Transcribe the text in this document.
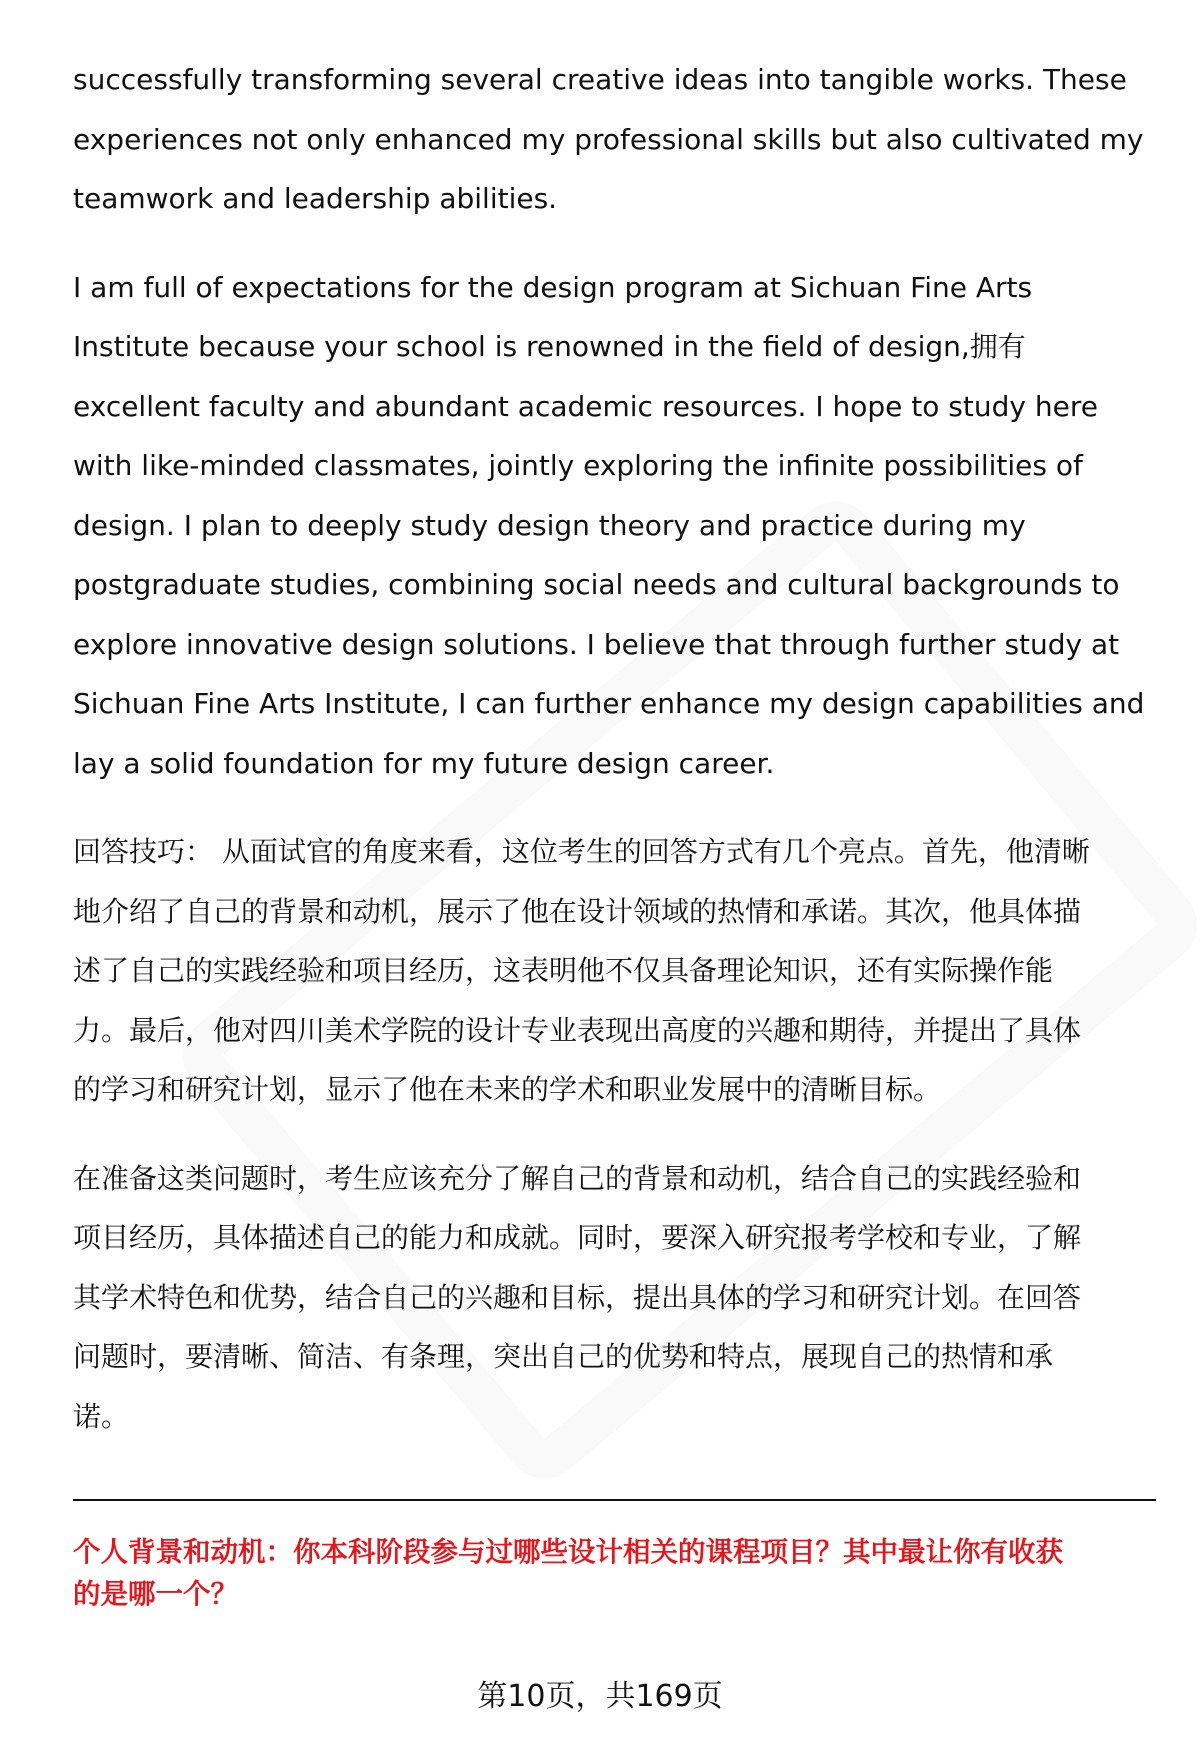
successfully transforming several creative ideas into tangible works. These
experiences not only enhanced my professional skills but also cultivated my
teamwork and leadership abilities.
I am full of expectations for the design program at Sichuan Fine Arts
Institute because your school is renowned in the field of design,拥有
excellent faculty and abundant academic resources. I hope to study here
with like-minded classmates, jointly exploring the infinite possibilities of
design. I plan to deeply study design theory and practice during my
postgraduate studies, combining social needs and cultural backgrounds to
explore innovative design solutions. I believe that through further study at
Sichuan Fine Arts Institute, I can further enhance my design capabilities and
lay a solid foundation for my future design career.
回答技巧： 从面试官的角度来看，这位考生的回答方式有几个亮点。首先，他清晰
地介绍了自己的背景和动机，展示了他在设计领域的热情和承诺。其次，他具体描
述了自己的实践经验和项目经历，这表明他不仅具备理论知识，还有实际操作能
力。最后，他对四川美术学院的设计专业表现出高度的兴趣和期待，并提出了具体
的学习和研究计划，显示了他在未来的学术和职业发展中的清晰目标。
在准备这类问题时，考生应该充分了解自己的背景和动机，结合自己的实践经验和
项目经历，具体描述自己的能力和成就。同时，要深入研究报考学校和专业，了解
其学术特色和优势，结合自己的兴趣和目标，提出具体的学习和研究计划。在回答
问题时，要清晰、简洁、有条理，突出自己的优势和特点，展现自己的热情和承
诺。
个人背景和动机：你本科阶段参与过哪些设计相关的课程项目？其中最让你有收获
的是哪一个？
第10页，共169页
